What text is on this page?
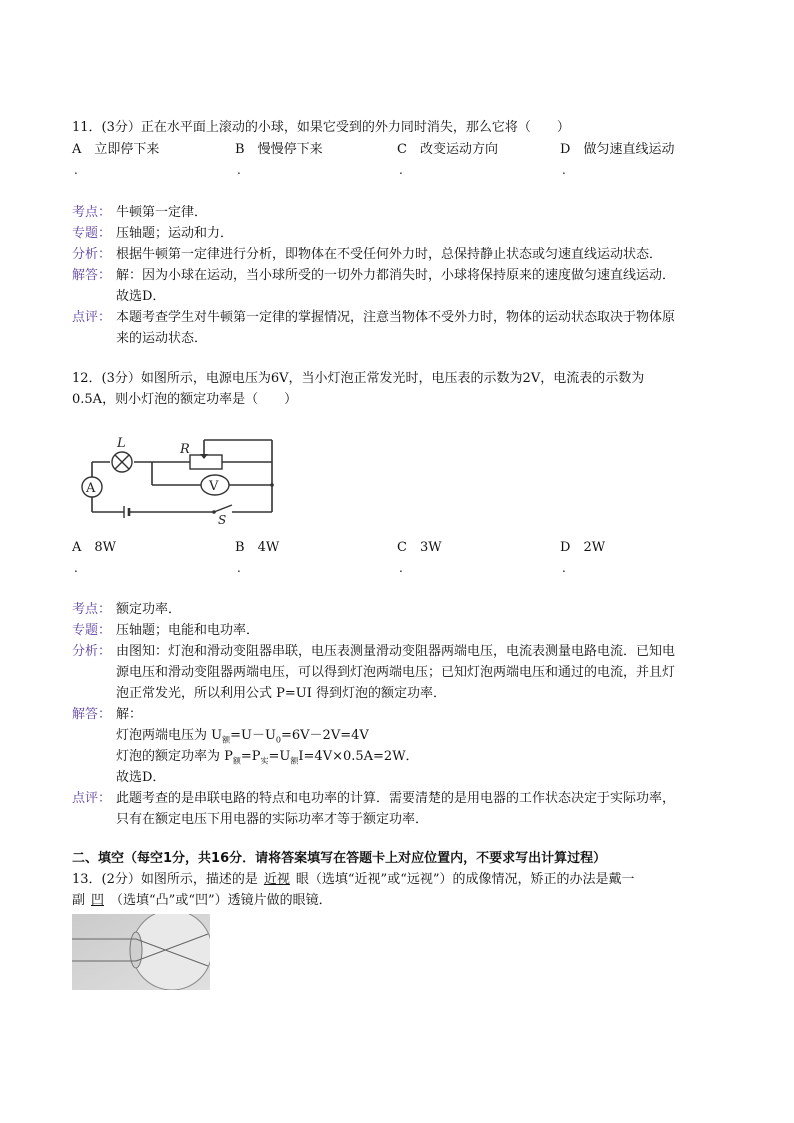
11．(3分）正在水平面上滚动的小球，如果它受到的外力同时消失，那么它将（　　）
A　 立即停下来	B　 慢慢停下来	C　 改变运动方向	D　 做匀速直线运动
.	.	.	.
考点： 牛顿第一定律．
专题： 压轴题；运动和力．
分析： 根据牛顿第一定律进行分析，即物体在不受任何外力时，总保持静止状态或匀速直线运动状态．
解答： 解：因为小球在运动，当小球所受的一切外力都消失时，小球将保持原来的速度做匀速直线运动．
故选D．
点评： 本题考查学生对牛顿第一定律的掌握情况，注意当物体不受外力时，物体的运动状态取决于物体原
来的运动状态．
12．(3分）如图所示，电源电压为6V，当小灯泡正常发光时，电压表的示数为2V，电流表的示数为
0.5A，则小灯泡的额定功率是（　　）
L	R
A	V
S
A　 8W	B　 4W	C　 3W	D　 2W
.	.	.	.
考点： 额定功率．
专题： 压轴题；电能和电功率．
分析： 由图知：灯泡和滑动变阻器串联，电压表测量滑动变阻器两端电压，电流表测量电路电流．已知电
源电压和滑动变阻器两端电压，可以得到灯泡两端电压；已知灯泡两端电压和通过的电流，并且灯
泡正常发光，所以利用公式 P=UI 得到灯泡的额定功率．
解答： 解：
灯泡两端电压为 $U_额=U-U_0=6V-2V=4V$
灯泡的额定功率为 $P_额=P_实=U_额I=4V\times 0.5A=2W$．
故选D．
点评： 此题考查的是串联电路的特点和电功率的计算．需要清楚的是用电器的工作状态决定于实际功率，
只有在额定电压下用电器的实际功率才等于额定功率．
二、填空（每空1分，共16分．请将答案填写在答题卡上对应位置内，不要求写出计算过程）
13．(2分）如图所示，描述的是 近视 眼（选填“近视”或“远视”）的成像情况，矫正的办法是戴一
副 凹 （选填“凸”或“凹”）透镜片做的眼镜．
